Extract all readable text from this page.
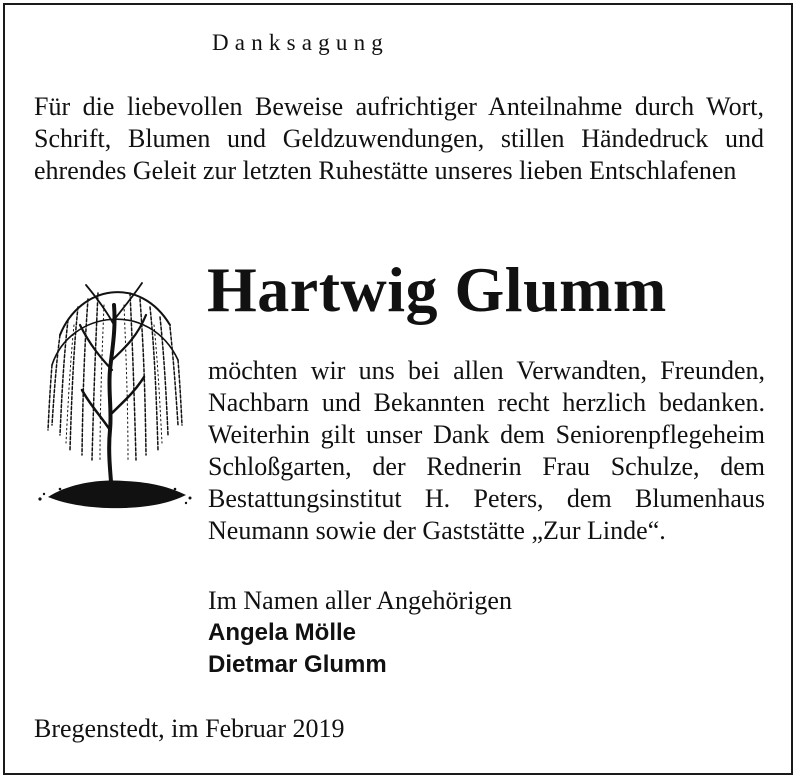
Danksagung
Für die liebevollen Beweise aufrichtiger Anteilnahme durch Wort, Schrift, Blumen und Geldzuwendungen, stillen Händedruck und ehrendes Geleit zur letzten Ruhestätte unseres lieben Entschlafenen
Hartwig Glumm
möchten wir uns bei allen Verwandten, Freunden, Nachbarn und Bekannten recht herzlich bedanken. Weiterhin gilt unser Dank dem Seniorenpflegeheim Schloßgarten, der Rednerin Frau Schulze, dem Bestattungsinstitut H. Peters, dem Blumenhaus Neumann sowie der Gaststätte „Zur Linde“.
Im Namen aller Angehörigen
Angela Mölle
Dietmar Glumm
Bregenstedt, im Februar 2019
